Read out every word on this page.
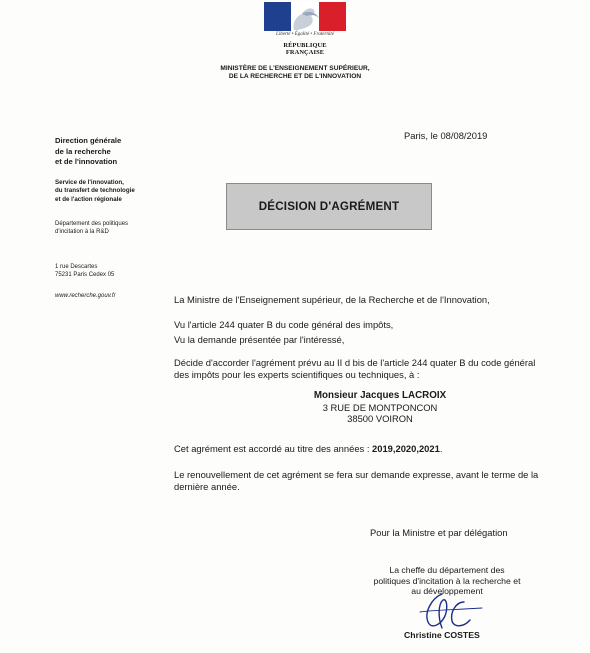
Liberté • Égalité • Fraternité
RÉPUBLIQUE FRANÇAISE
MINISTÈRE DE L'ENSEIGNEMENT SUPÉRIEUR,
DE LA RECHERCHE ET DE L'INNOVATION
Direction générale
de la recherche
et de l'innovation
Service de l'innovation,
du transfert de technologie
et de l'action régionale
Département des politiques
d'incitation à la R&D
1 rue Descartes
75231 Paris Cedex 05
www.recherche.gouv.fr
Paris, le 08/08/2019
DÉCISION D'AGRÉMENT
La Ministre de l'Enseignement supérieur, de la Recherche et de l'Innovation,
Vu l'article 244 quater B du code général des impôts,
Vu la demande présentée par l'intéressé,
Décide d'accorder l'agrément prévu au II d bis de l'article 244 quater B du code général des impôts pour les experts scientifiques ou techniques, à :
Monsieur Jacques LACROIX
3 RUE DE MONTPONCON
38500 VOIRON
Cet agrément est accordé au titre des années : 2019,2020,2021.
Le renouvellement de cet agrément se fera sur demande expresse, avant le terme de la dernière année.
Pour la Ministre et par délégation
La cheffe du département des
politiques d'incitation à la recherche et
au développement
Christine COSTES
